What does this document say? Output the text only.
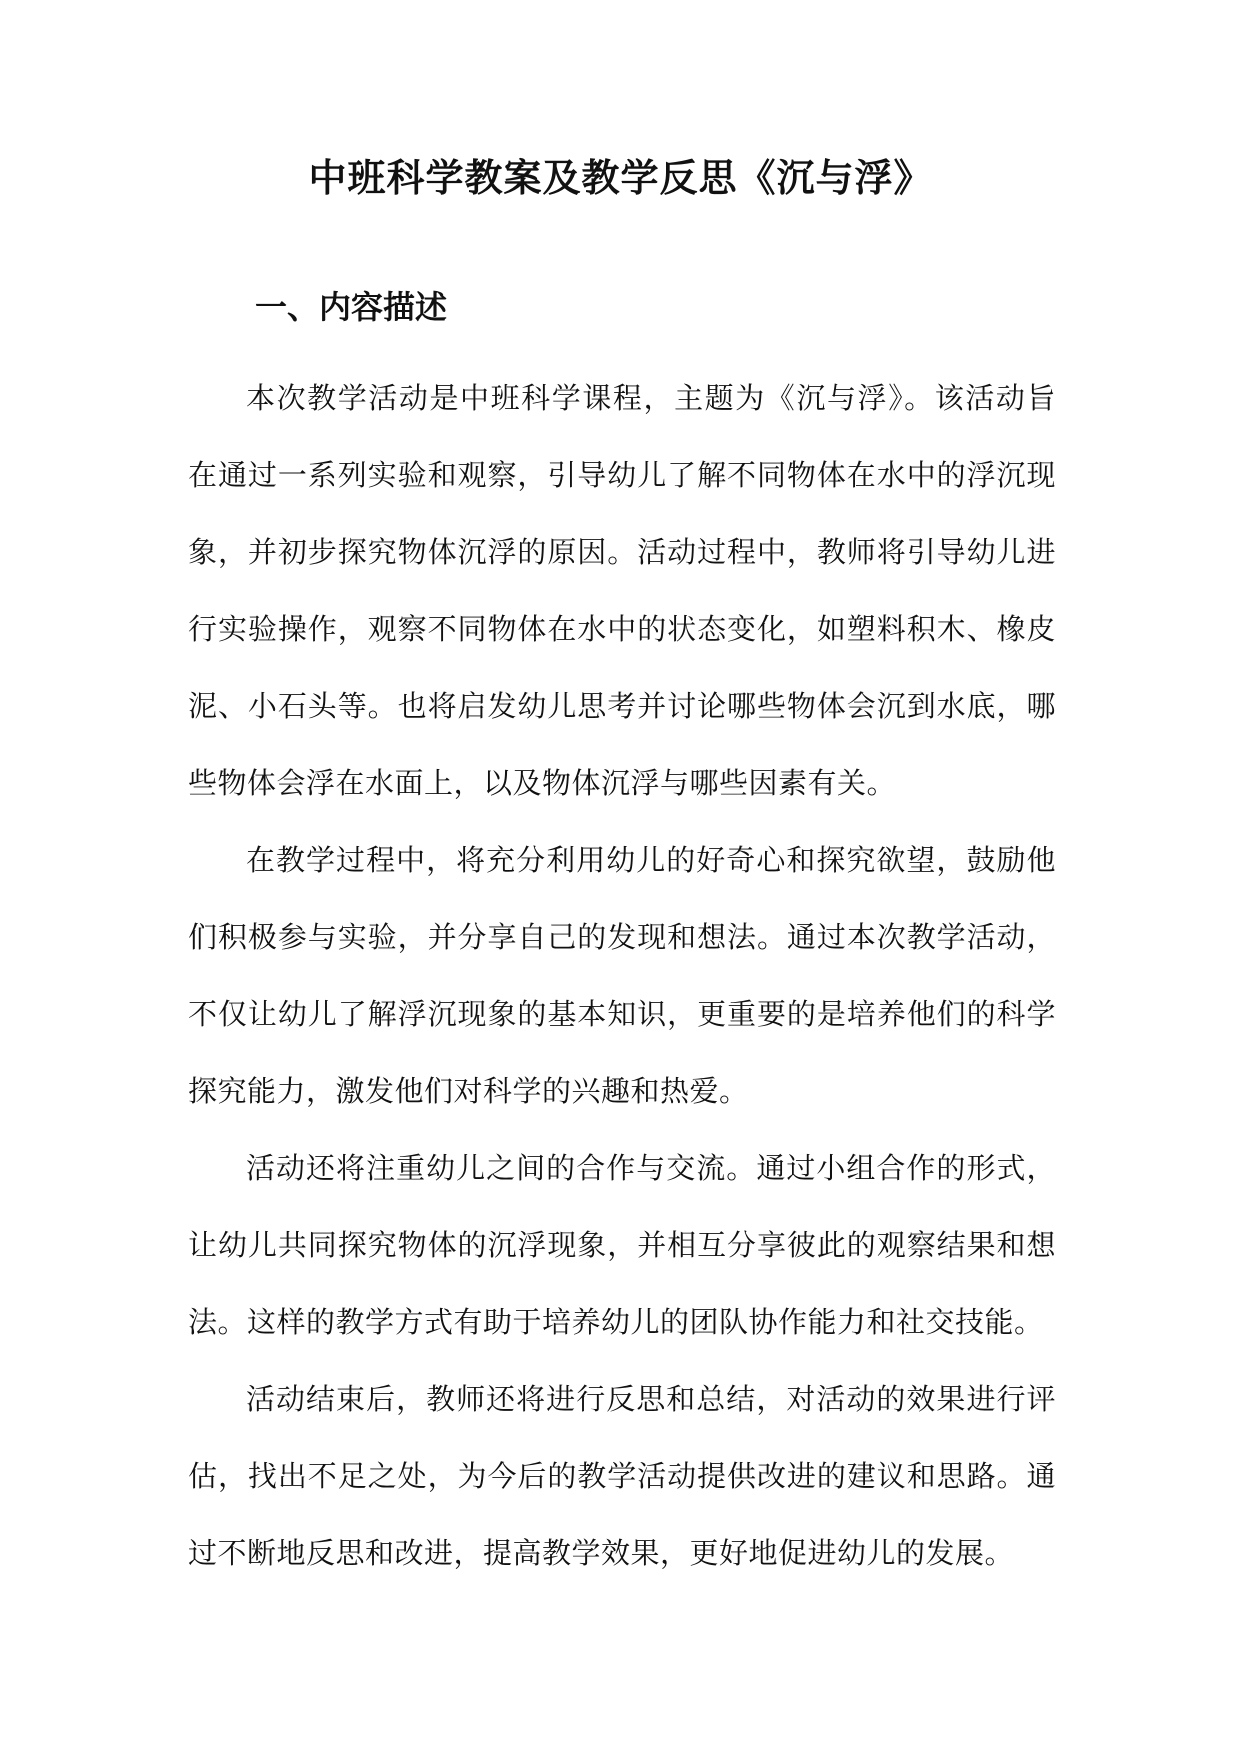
中班科学教案及教学反思《沉与浮》
一、内容描述

本次教学活动是中班科学课程，主题为《沉与浮》。该活动旨在通过一系列实验和观察，引导幼儿了解不同物体在水中的浮沉现象，并初步探究物体沉浮的原因。活动过程中，教师将引导幼儿进行实验操作，观察不同物体在水中的状态变化，如塑料积木、橡皮泥、小石头等。也将启发幼儿思考并讨论哪些物体会沉到水底，哪些物体会浮在水面上，以及物体沉浮与哪些因素有关。

在教学过程中，将充分利用幼儿的好奇心和探究欲望，鼓励他们积极参与实验，并分享自己的发现和想法。通过本次教学活动，不仅让幼儿了解浮沉现象的基本知识，更重要的是培养他们的科学探究能力，激发他们对科学的兴趣和热爱。

活动还将注重幼儿之间的合作与交流。通过小组合作的形式，让幼儿共同探究物体的沉浮现象，并相互分享彼此的观察结果和想法。这样的教学方式有助于培养幼儿的团队协作能力和社交技能。

活动结束后，教师还将进行反思和总结，对活动的效果进行评估，找出不足之处，为今后的教学活动提供改进的建议和思路。通过不断地反思和改进，提高教学效果，更好地促进幼儿的发展。
